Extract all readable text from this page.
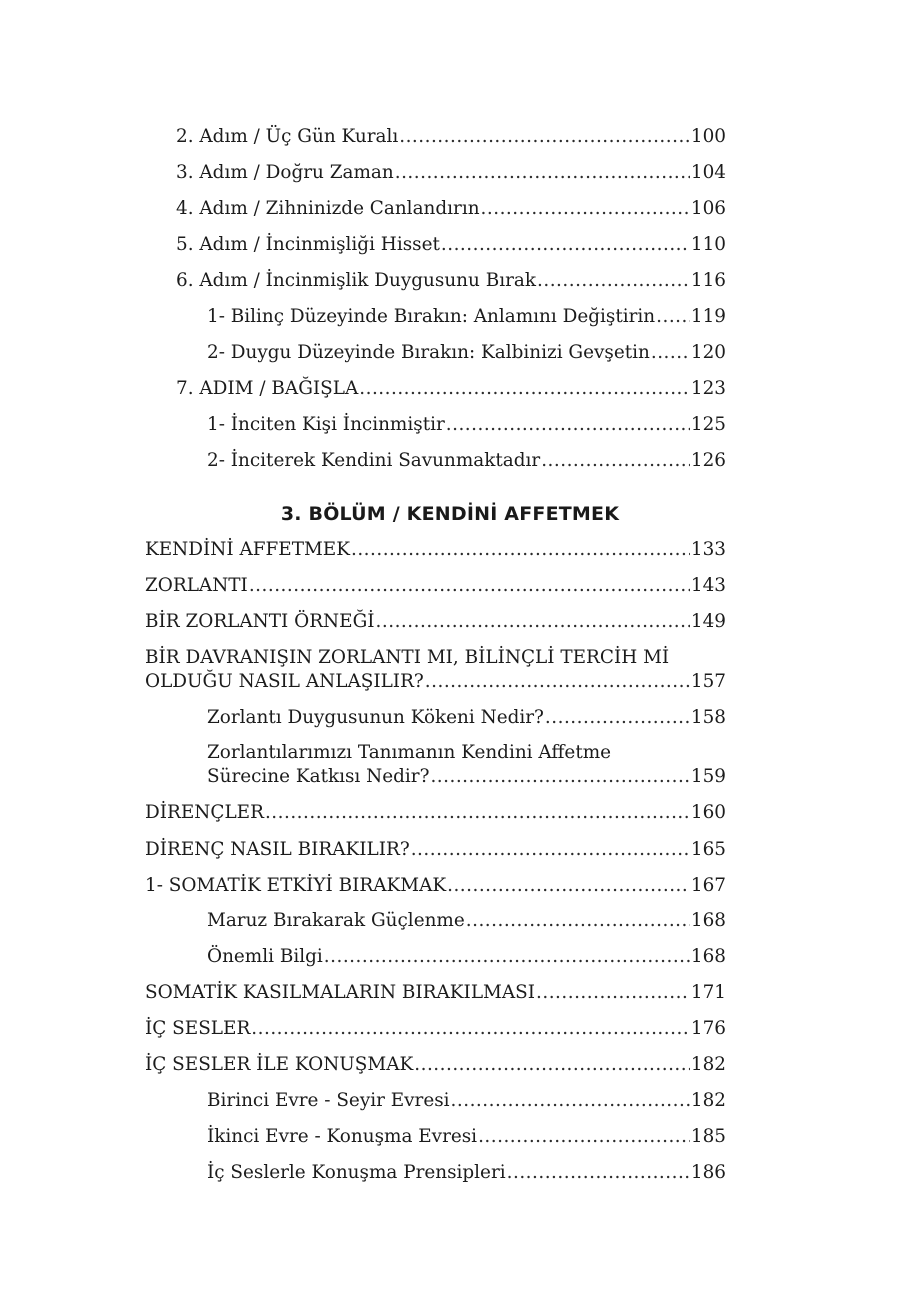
2. Adım / Üç Gün Kuralı .....	100
3. Adım / Doğru Zaman .....	104
4. Adım / Zihninizde Canlandırın .....	106
5. Adım / İncinmişliği Hisset .....	110
6. Adım / İncinmişlik Duygusunu Bırak .....	116
1- Bilinç Düzeyinde Bırakın: Anlamını Değiştirin ..... 119
2- Duygu Düzeyinde Bırakın: Kalbinizi Gevşetin ..... 120
7. ADIM / BAĞIŞLA .....	123
1- İnciten Kişi İncinmiştir .....	125
2- İnciterek Kendini Savunmaktadır .....	126
3. BÖLÜM / KENDİNİ AFFETMEK
KENDİNİ AFFETMEK .....	133
ZORLANTI .....	143
BİR ZORLANTI ÖRNEĞİ .....	149
BİR DAVRANIŞIN ZORLANTI MI, BİLİNÇLİ TERCİH Mİ
OLDUĞU NASIL ANLAŞILIR? .....	157
Zorlantı Duygusunun Kökeni Nedir? .....	158
Zorlantılarımızı Tanımanın Kendini Affetme
Sürecine Katkısı Nedir? .....	159
DİRENÇLER .....	160
DİRENÇ NASIL BIRAKILIR? .....	165
1- SOMATİK ETKİYİ BIRAKMAK .....	167
Maruz Bırakarak Güçlenme .....	168
Önemli Bilgi .....	168
SOMATİK KASILMALARIN BIRAKILMASI .....	171
İÇ SESLER .....	176
İÇ SESLER İLE KONUŞMAK .....	182
Birinci Evre - Seyir Evresi .....	182
İkinci Evre - Konuşma Evresi .....	185
İç Seslerle Konuşma Prensipleri .....	186
